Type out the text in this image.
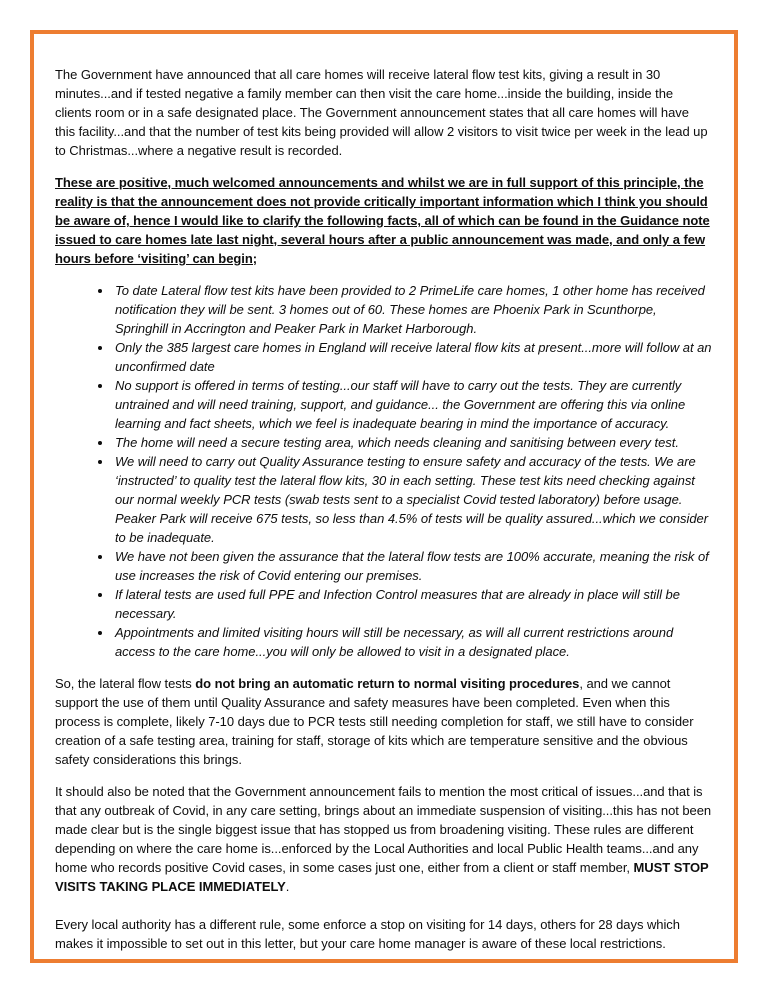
The Government have announced that all care homes will receive lateral flow test kits, giving a result in 30 minutes...and if tested negative a family member can then visit the care home...inside the building, inside the clients room or in a safe designated place. The Government announcement states that all care homes will have this facility...and that the number of test kits being provided will allow 2 visitors to visit twice per week in the lead up to Christmas...where a negative result is recorded.

These are positive, much welcomed announcements and whilst we are in full support of this principle, the reality is that the announcement does not provide critically important information which I think you should be aware of, hence I would like to clarify the following facts, all of which can be found in the Guidance note issued to care homes late last night, several hours after a public announcement was made, and only a few hours before ‘visiting’ can begin;

• To date Lateral flow test kits have been provided to 2 PrimeLife care homes, 1 other home has received notification they will be sent. 3 homes out of 60. These homes are Phoenix Park in Scunthorpe, Springhill in Accrington and Peaker Park in Market Harborough.
• Only the 385 largest care homes in England will receive lateral flow kits at present...more will follow at an unconfirmed date
• No support is offered in terms of testing...our staff will have to carry out the tests. They are currently untrained and will need training, support, and guidance... the Government are offering this via online learning and fact sheets, which we feel is inadequate bearing in mind the importance of accuracy.
• The home will need a secure testing area, which needs cleaning and sanitising between every test.
• We will need to carry out Quality Assurance testing to ensure safety and accuracy of the tests. We are ‘instructed’ to quality test the lateral flow kits, 30 in each setting. These test kits need checking against our normal weekly PCR tests (swab tests sent to a specialist Covid tested laboratory) before usage. Peaker Park will receive 675 tests, so less than 4.5% of tests will be quality assured...which we consider to be inadequate.
• We have not been given the assurance that the lateral flow tests are 100% accurate, meaning the risk of use increases the risk of Covid entering our premises.
• If lateral tests are used full PPE and Infection Control measures that are already in place will still be necessary.
• Appointments and limited visiting hours will still be necessary, as will all current restrictions around access to the care home...you will only be allowed to visit in a designated place.

So, the lateral flow tests do not bring an automatic return to normal visiting procedures, and we cannot support the use of them until Quality Assurance and safety measures have been completed. Even when this process is complete, likely 7-10 days due to PCR tests still needing completion for staff, we still have to consider creation of a safe testing area, training for staff, storage of kits which are temperature sensitive and the obvious safety considerations this brings.

It should also be noted that the Government announcement fails to mention the most critical of issues...and that is that any outbreak of Covid, in any care setting, brings about an immediate suspension of visiting...this has not been made clear but is the single biggest issue that has stopped us from broadening visiting. These rules are different depending on where the care home is...enforced by the Local Authorities and local Public Health teams...and any home who records positive Covid cases, in some cases just one, either from a client or staff member, MUST STOP VISITS TAKING PLACE IMMEDIATELY.

Every local authority has a different rule, some enforce a stop on visiting for 14 days, others for 28 days which makes it impossible to set out in this letter, but your care home manager is aware of these local restrictions.
